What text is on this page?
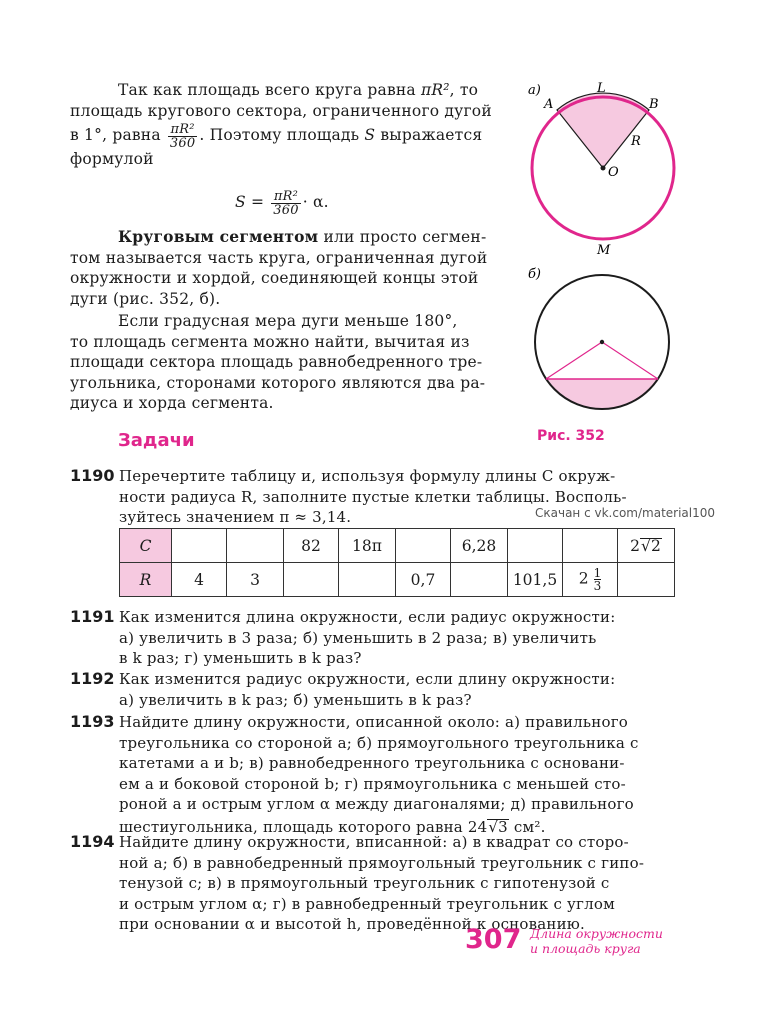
Так как площадь всего круга равна πR², то
площадь кругового сектора, ограниченного дугой
в 1°, равна $\frac{\text{πR²}}{360}$ . Поэтому площадь S выражается
формулой
$S = \frac{\text{πR²}}{360} \cdot \alpha$.
Круговым сегментом или просто сегмен-
том называется часть круга, ограниченная дугой
окружности и хордой, соединяющей концы этой
дуги (рис. 352, б).
Если градусная мера дуги меньше 180°,
то площадь сегмента можно найти, вычитая из
площади сектора площадь равнобедренного тре-
угольника, сторонами которого являются два ра-
диуса и хорда сегмента.
а)	L
A	B
R
O
M
б)
Рис. 352
Задачи
1190 Перечертите таблицу и, используя формулу длины C окруж-
ности радиуса R, заполните пустые клетки таблицы. Восполь-
зуйтесь значением π ≈ 3,14.	Скачан с vk.com/material100
C			82	18π		6,28			2√2
R	4	3			0,7		101,5	$2 \frac{1}{3}$	
1191 Как изменится длина окружности, если радиус окружности:
а) увеличить в 3 раза; б) уменьшить в 2 раза; в) увеличить
в k раз; г) уменьшить в k раз?
1192 Как изменится радиус окружности, если длину окружности:
а) увеличить в k раз; б) уменьшить в k раз?
1193 Найдите длину окружности, описанной около: а) правильного
треугольника со стороной a; б) прямоугольного треугольника с
катетами a и b; в) равнобедренного треугольника с основани-
ем a и боковой стороной b; г) прямоугольника с меньшей сто-
роной a и острым углом α между диагоналями; д) правильного
шестиугольника, площадь которого равна 24√3 см².
1194 Найдите длину окружности, вписанной: а) в квадрат со сторо-
ной a; б) в равнобедренный прямоугольный треугольник с гипо-
тенузой c; в) в прямоугольный треугольник с гипотенузой c
и острым углом α; г) в равнобедренный треугольник с углом
при основании α и высотой h, проведённой к основанию.
307 Длина окружности
и площадь круга
